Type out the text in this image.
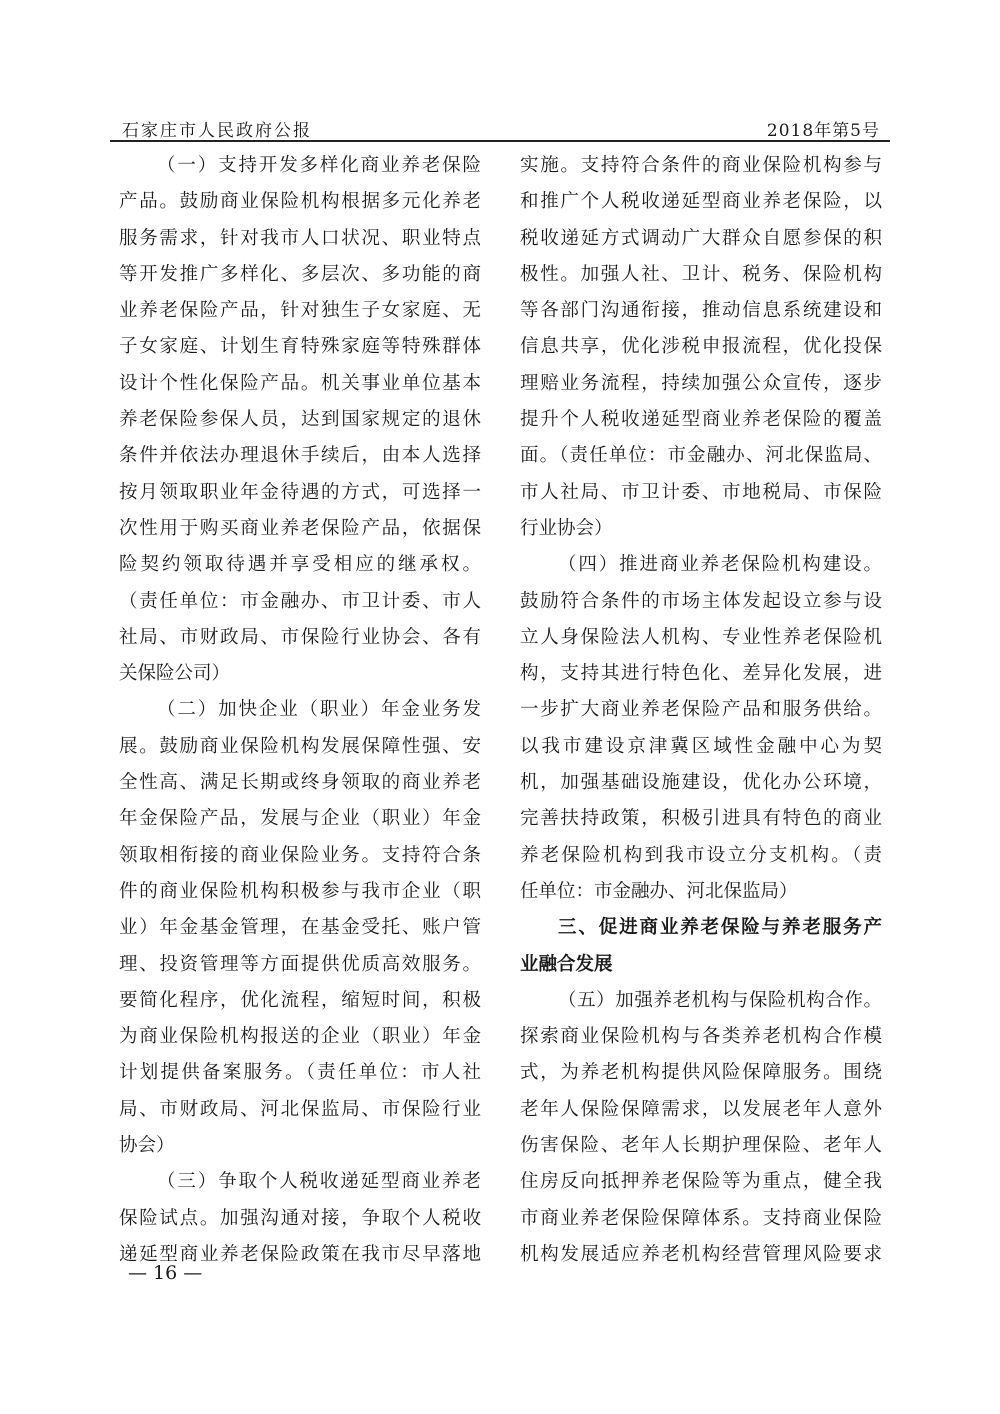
石家庄市人民政府公报	2018年第5号
（一）支持开发多样化商业养老保险
产品。鼓励商业保险机构根据多元化养老
服务需求，针对我市人口状况、职业特点
等开发推广多样化、多层次、多功能的商
业养老保险产品，针对独生子女家庭、无
子女家庭、计划生育特殊家庭等特殊群体
设计个性化保险产品。机关事业单位基本
养老保险参保人员，达到国家规定的退休
条件并依法办理退休手续后，由本人选择
按月领取职业年金待遇的方式，可选择一
次性用于购买商业养老保险产品，依据保
险契约领取待遇并享受相应的继承权。
（责任单位：市金融办、市卫计委、市人
社局、市财政局、市保险行业协会、各有
关保险公司）
（二）加快企业（职业）年金业务发
展。鼓励商业保险机构发展保障性强、安
全性高、满足长期或终身领取的商业养老
年金保险产品，发展与企业（职业）年金
领取相衔接的商业保险业务。支持符合条
件的商业保险机构积极参与我市企业（职
业）年金基金管理，在基金受托、账户管
理、投资管理等方面提供优质高效服务。
要简化程序，优化流程，缩短时间，积极
为商业保险机构报送的企业（职业）年金
计划提供备案服务。（责任单位：市人社
局、市财政局、河北保监局、市保险行业
协会）
（三）争取个人税收递延型商业养老
保险试点。加强沟通对接，争取个人税收
递延型商业养老保险政策在我市尽早落地
实施。支持符合条件的商业保险机构参与
和推广个人税收递延型商业养老保险，以
税收递延方式调动广大群众自愿参保的积
极性。加强人社、卫计、税务、保险机构
等各部门沟通衔接，推动信息系统建设和
信息共享，优化涉税申报流程，优化投保
理赔业务流程，持续加强公众宣传，逐步
提升个人税收递延型商业养老保险的覆盖
面。（责任单位：市金融办、河北保监局、
市人社局、市卫计委、市地税局、市保险
行业协会）
（四）推进商业养老保险机构建设。
鼓励符合条件的市场主体发起设立参与设
立人身保险法人机构、专业性养老保险机
构，支持其进行特色化、差异化发展，进
一步扩大商业养老保险产品和服务供给。
以我市建设京津冀区域性金融中心为契
机，加强基础设施建设，优化办公环境，
完善扶持政策，积极引进具有特色的商业
养老保险机构到我市设立分支机构。（责
任单位：市金融办、河北保监局）
三、促进商业养老保险与养老服务产
业融合发展
（五）加强养老机构与保险机构合作。
探索商业保险机构与各类养老机构合作模
式，为养老机构提供风险保障服务。围绕
老年人保险保障需求，以发展老年人意外
伤害保险、老年人长期护理保险、老年人
住房反向抵押养老保险等为重点，健全我
市商业养老保险保障体系。支持商业保险
机构发展适应养老机构经营管理风险要求
— 16 —
